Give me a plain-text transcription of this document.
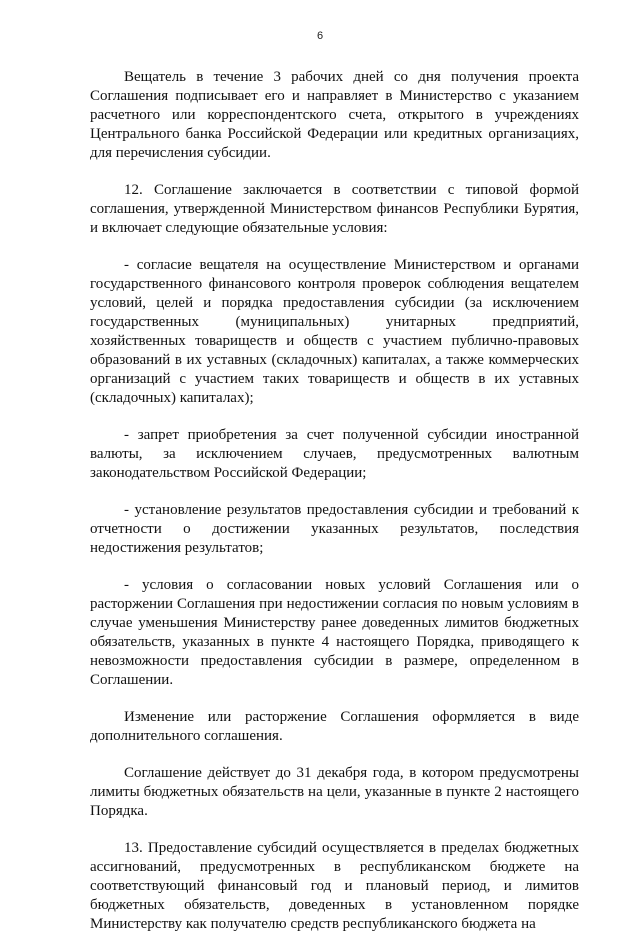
6

Вещатель в течение 3 рабочих дней со дня получения проекта Соглашения подписывает его и направляет в Министерство с указанием расчетного или корреспондентского счета, открытого в учреждениях Центрального банка Российской Федерации или кредитных организациях, для перечисления субсидии.

12. Соглашение заключается в соответствии с типовой формой соглашения, утвержденной Министерством финансов Республики Бурятия, и включает следующие обязательные условия:

- согласие вещателя на осуществление Министерством и органами государственного финансового контроля проверок соблюдения вещателем условий, целей и порядка предоставления субсидии (за исключением государственных (муниципальных) унитарных предприятий, хозяйственных товариществ и обществ с участием публично-правовых образований в их уставных (складочных) капиталах, а также коммерческих организаций с участием таких товариществ и обществ в их уставных (складочных) капиталах);

- запрет приобретения за счет полученной субсидии иностранной валюты, за исключением случаев, предусмотренных валютным законодательством Российской Федерации;

- установление результатов предоставления субсидии и требований к отчетности о достижении указанных результатов, последствия недостижения результатов;

- условия о согласовании новых условий Соглашения или о расторжении Соглашения при недостижении согласия по новым условиям в случае уменьшения Министерству ранее доведенных лимитов бюджетных обязательств, указанных в пункте 4 настоящего Порядка, приводящего к невозможности предоставления субсидии в размере, определенном в Соглашении.

Изменение или расторжение Соглашения оформляется в виде дополнительного соглашения.

Соглашение действует до 31 декабря года, в котором предусмотрены лимиты бюджетных обязательств на цели, указанные в пункте 2 настоящего Порядка.

13. Предоставление субсидий осуществляется в пределах бюджетных ассигнований, предусмотренных в республиканском бюджете на соответствующий финансовый год и плановый период, и лимитов бюджетных обязательств, доведенных в установленном порядке Министерству как получателю средств республиканского бюджета на
